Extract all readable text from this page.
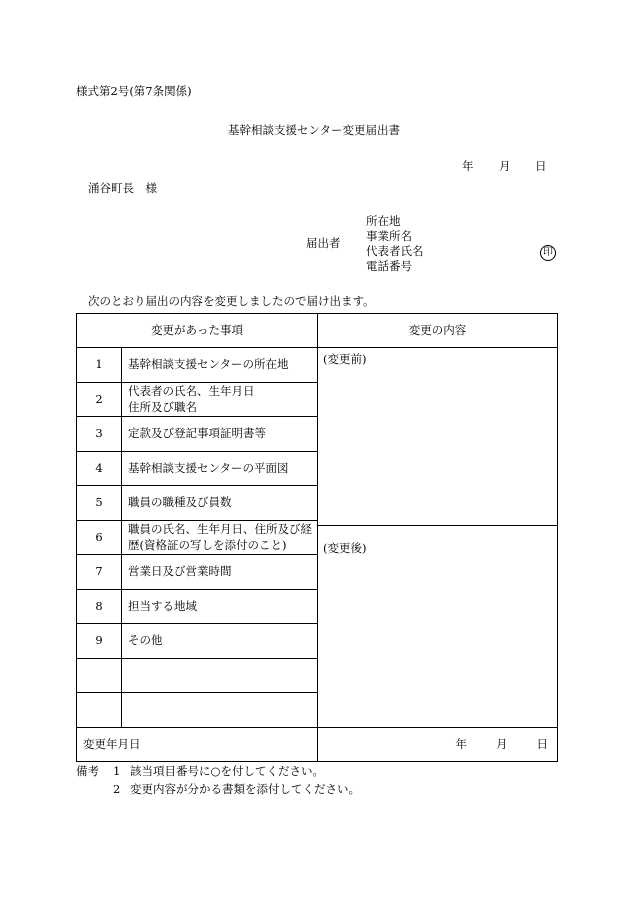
様式第2号(第7条関係)
基幹相談支援センター変更届出書
年 月 日
涌谷町長　様
届出者
所在地
事業所名
代表者氏名
電話番号
印
次のとおり届出の内容を変更しましたので届け出ます。
変更があった事項		変更の内容
1	基幹相談支援センターの所在地	(変更前)
(変更後)

2	代表者の氏名、生年月日
住所及び職名	

3	定款及び登記事項証明書等	
4	基幹相談支援センターの平面図	
5	職員の職種及び員数	
6	職員の氏名、生年月日、住所及び経
歴(資格証の写しを添付のこと)	

7	営業日及び営業時間	
8	担当する地域	
9	その他	

変更年月日		年 月 日
備考 1 該当項目番号に○を付してください。
2 変更内容が分かる書類を添付してください。
